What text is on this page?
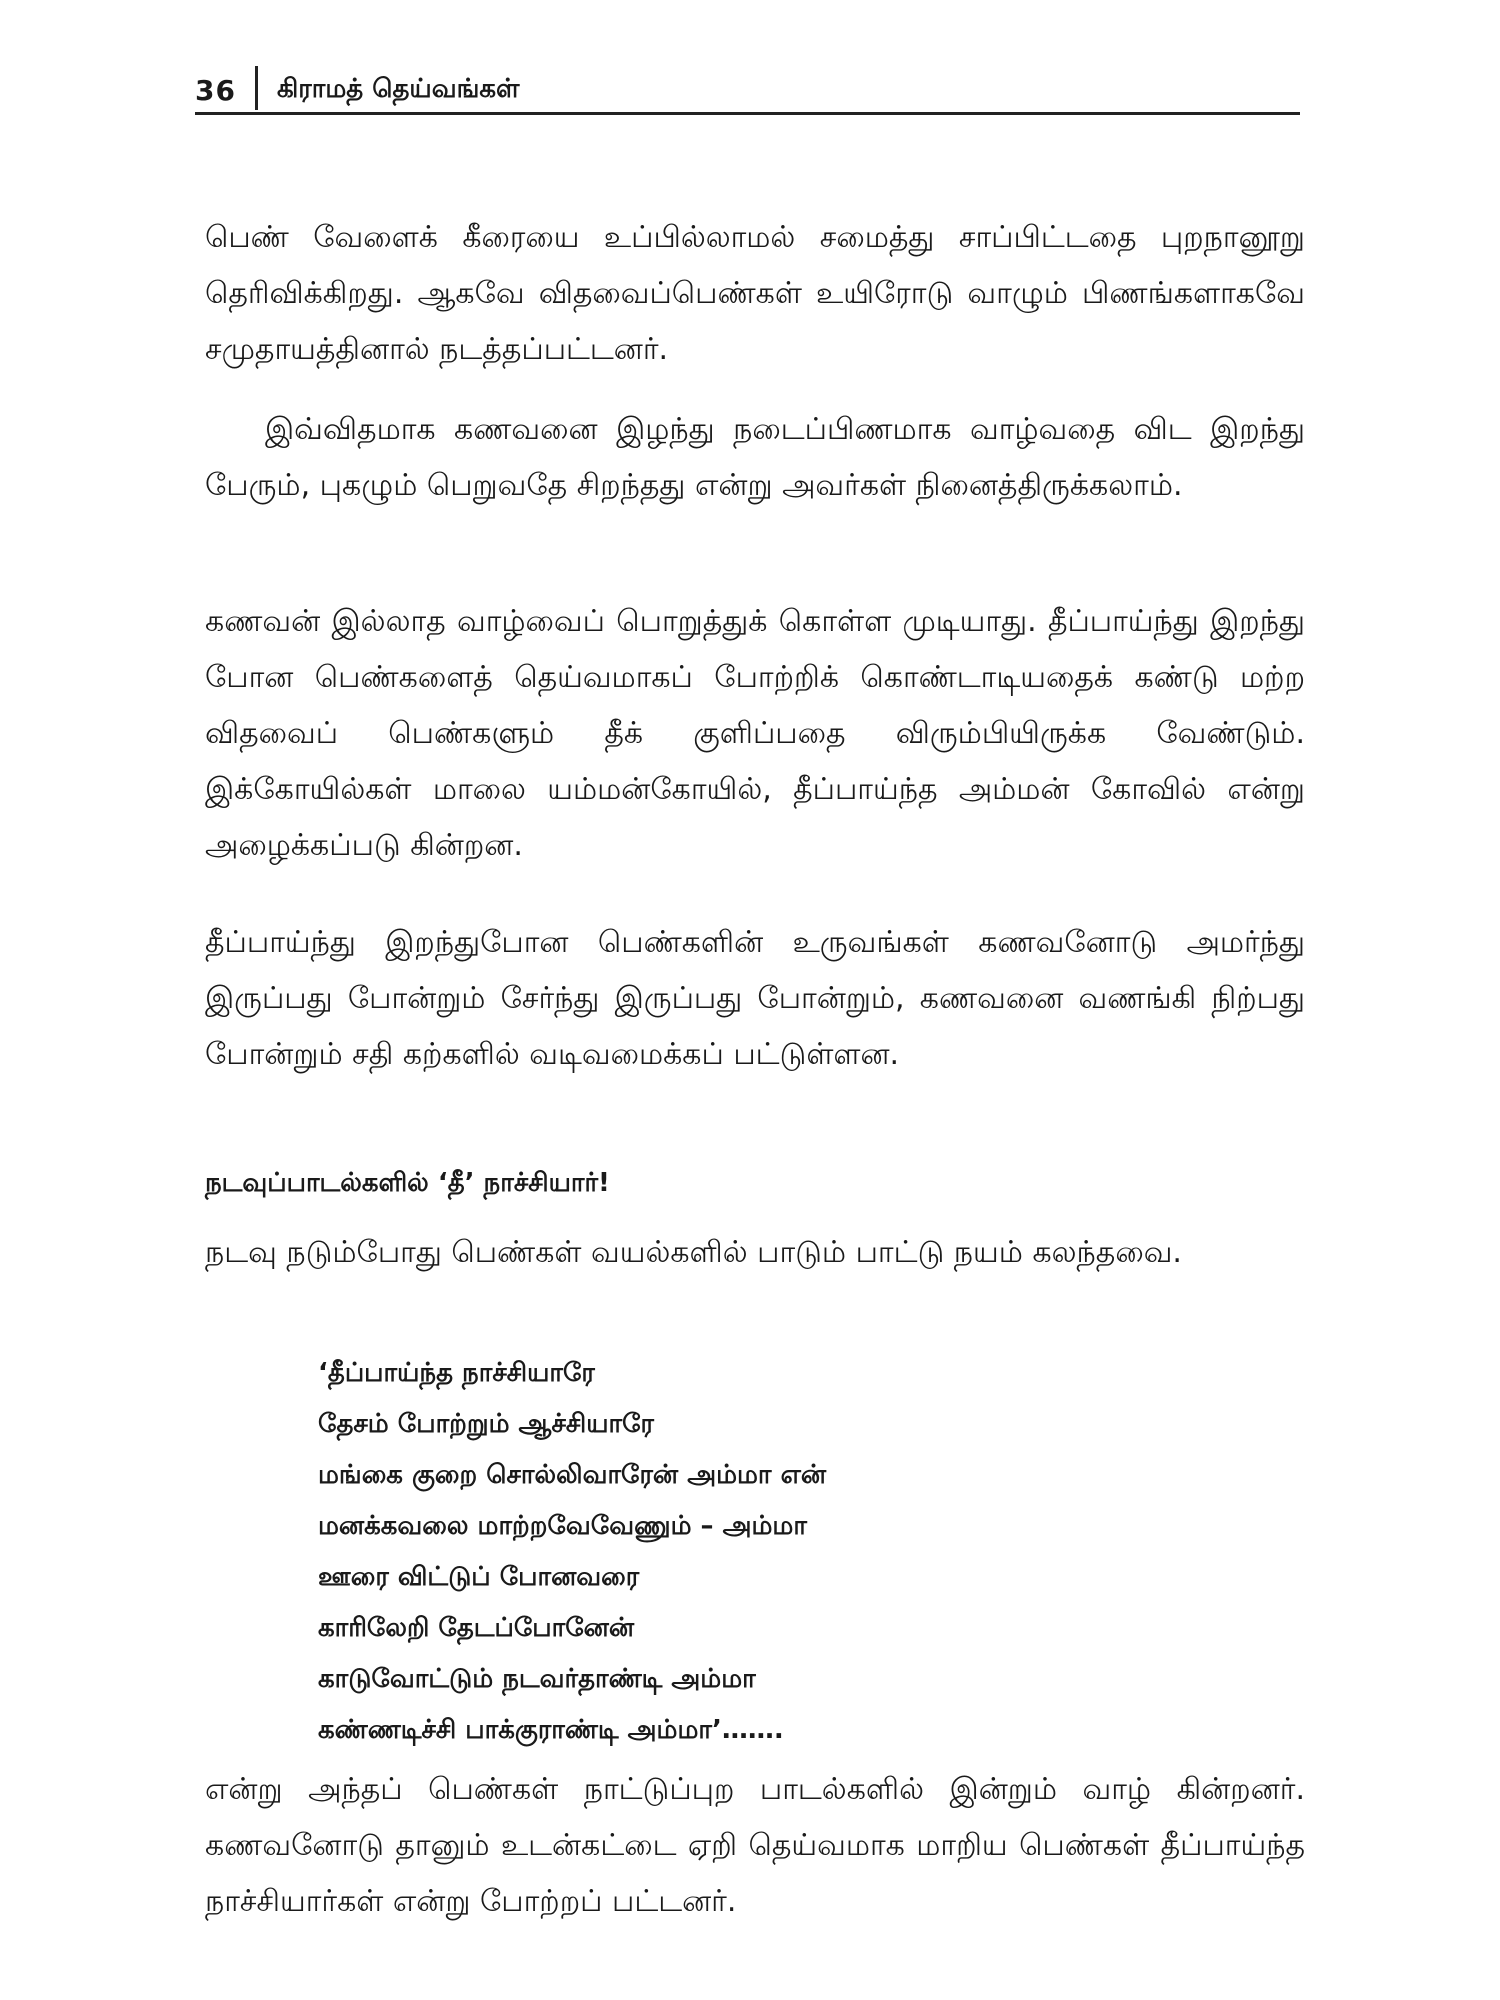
36 கிராமத் தெய்வங்கள்

பெண் வேளைக் கீரையை உப்பில்லாமல் சமைத்து சாப்பிட்டதை புறநானூறு தெரிவிக்கிறது. ஆகவே விதவைப்பெண்கள் உயிரோடு வாழும் பிணங்களாகவே சமுதாயத்தினால் நடத்தப்பட்டனர்.

இவ்விதமாக கணவனை இழந்து நடைப்பிணமாக வாழ்வதை விட இறந்து பேரும், புகழும் பெறுவதே சிறந்தது என்று அவர்கள் நினைத்திருக்கலாம்.

கணவன் இல்லாத வாழ்வைப் பொறுத்துக் கொள்ள முடியாது. தீப்பாய்ந்து இறந்து போன பெண்களைத் தெய்வமாகப் போற்றிக் கொண்டாடியதைக் கண்டு மற்ற விதவைப் பெண்களும் தீக் குளிப்பதை விரும்பியிருக்க வேண்டும். இக்கோயில்கள் மாலை யம்மன்கோயில், தீப்பாய்ந்த அம்மன் கோவில் என்று அழைக்கப்படு கின்றன.

தீப்பாய்ந்து இறந்துபோன பெண்களின் உருவங்கள் கணவனோடு அமர்ந்து இருப்பது போன்றும் சேர்ந்து இருப்பது போன்றும், கணவனை வணங்கி நிற்பது போன்றும் சதி கற்களில் வடிவமைக்கப் பட்டுள்ளன.

நடவுப்பாடல்களில் ‘தீ’ நாச்சியார்!

நடவு நடும்போது பெண்கள் வயல்களில் பாடும் பாட்டு நயம் கலந்தவை.

‘தீப்பாய்ந்த நாச்சியாரே
தேசம் போற்றும் ஆச்சியாரே
மங்கை குறை சொல்லிவாரேன் அம்மா என்
மனக்கவலை மாற்றவேவேணும் – அம்மா
ஊரை விட்டுப் போனவரை
காரிலேறி தேடப்போனேன்
காடுவோட்டும் நடவர்தாண்டி அம்மா
கண்ணடிச்சி பாக்குராண்டி அம்மா’…….

என்று அந்தப் பெண்கள் நாட்டுப்புற பாடல்களில் இன்றும் வாழ் கின்றனர். கணவனோடு தானும் உடன்கட்டை ஏறி தெய்வமாக மாறிய பெண்கள் தீப்பாய்ந்த நாச்சியார்கள் என்று போற்றப் பட்டனர்.
